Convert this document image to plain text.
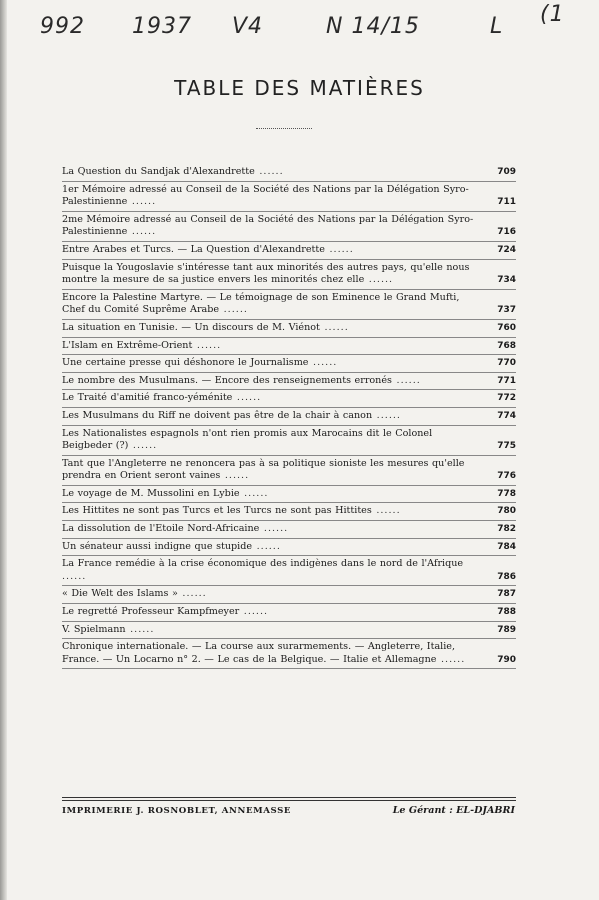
992 1937 V4	N 14/15	L (1
TABLE DES MATIÈRES
La Question du Sandjak d'Alexandrette ......	709
1er Mémoire adressé au Conseil de la Société des Nations par la Délégation Syro-Palestinienne ......	711
2me Mémoire adressé au Conseil de la Société des Nations par la Délégation Syro-Palestinienne ......	716
Entre Arabes et Turcs. — La Question d'Alexandrette ......	724
Puisque la Yougoslavie s'intéresse tant aux minorités des autres pays, qu'elle nous montre la mesure de sa justice envers les minorités chez elle ......	734
Encore la Palestine Martyre. — Le témoignage de son Eminence le Grand Mufti, Chef du Comité Suprême Arabe ......	737
La situation en Tunisie. — Un discours de M. Viénot ......	760
L'Islam en Extrême-Orient ......	768
Une certaine presse qui déshonore le Journalisme ......	770
Le nombre des Musulmans. — Encore des renseignements erronés ......	771
Le Traité d'amitié franco-yéménite ......	772
Les Musulmans du Riff ne doivent pas être de la chair à canon ......	774
Les Nationalistes espagnols n'ont rien promis aux Marocains dit le Colonel Beigbeder (?) ......	775
Tant que l'Angleterre ne renoncera pas à sa politique sioniste les mesures qu'elle prendra en Orient seront vaines ......	776
Le voyage de M. Mussolini en Lybie ......	778
Les Hittites ne sont pas Turcs et les Turcs ne sont pas Hittites ......	780
La dissolution de l'Etoile Nord-Africaine ......	782
Un sénateur aussi indigne que stupide ......	784
La France remédie à la crise économique des indigènes dans le nord de l'Afrique ......	786
« Die Welt des Islams » ......	787
Le regretté Professeur Kampfmeyer ......	788
V. Spielmann ......	789
Chronique internationale. — La course aux surarmements. — Angleterre, Italie, France. — Un Locarno n° 2. — Le cas de la Belgique. — Italie et Allemagne ......	790
IMPRIMERIE J. ROSNOBLET, ANNEMASSE	Le Gérant : EL-DJABRI
